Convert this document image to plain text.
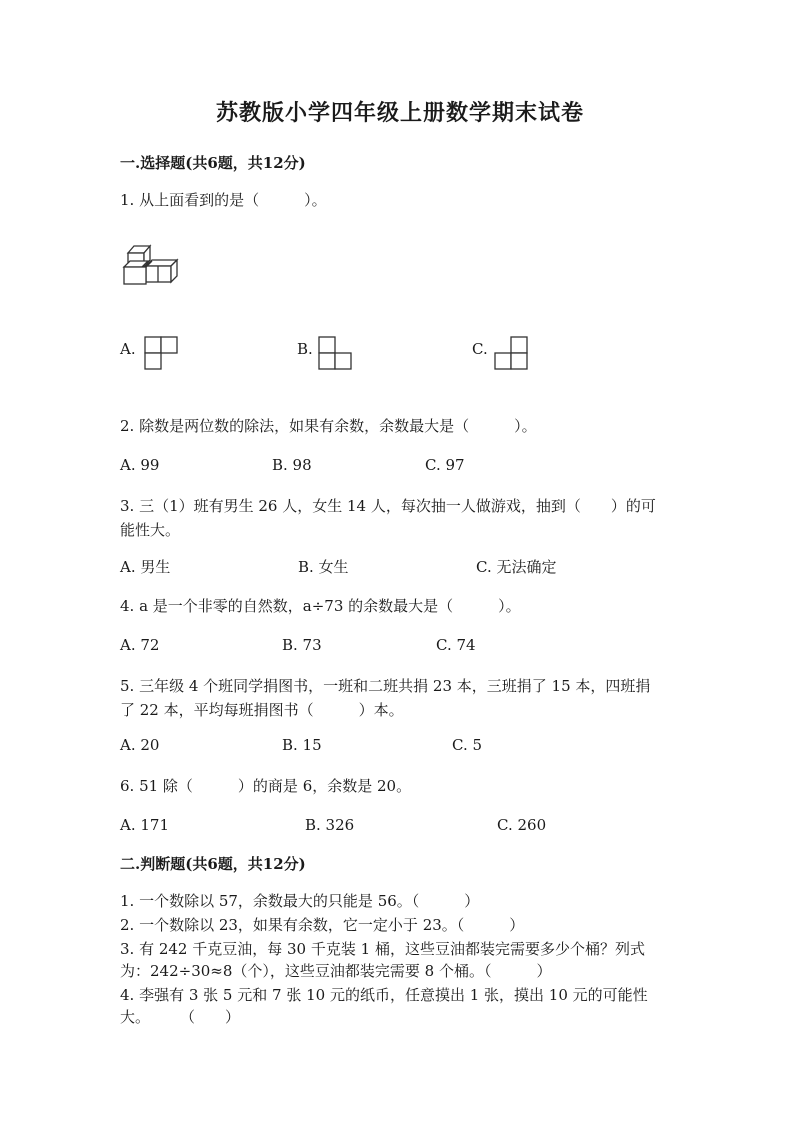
苏教版小学四年级上册数学期末试卷
一.选择题(共6题，共12分)
1. 从上面看到的是（　　　）。
A.	B.	C.
2. 除数是两位数的除法，如果有余数，余数最大是（　　　）。
A. 99	B. 98	C. 97
3. 三（1）班有男生 26 人，女生 14 人，每次抽一人做游戏，抽到（　　）的可
能性大。
A. 男生	B. 女生	C. 无法确定
4. a 是一个非零的自然数，a÷73 的余数最大是（　　　）。
A. 72	B. 73	C. 74
5. 三年级 4 个班同学捐图书，一班和二班共捐 23 本，三班捐了 15 本，四班捐
了 22 本，平均每班捐图书（　　　）本。
A. 20	B. 15	C. 5
6. 51 除（　　　）的商是 6，余数是 20。
A. 171	B. 326	C. 260
二.判断题(共6题，共12分)
1. 一个数除以 57，余数最大的只能是 56。（　　　）
2. 一个数除以 23，如果有余数，它一定小于 23。（　　　）
3. 有 242 千克豆油，每 30 千克装 1 桶，这些豆油都装完需要多少个桶？列式
为：242÷30≈8（个），这些豆油都装完需要 8 个桶。（　　　）
4. 李强有 3 张 5 元和 7 张 10 元的纸币，任意摸出 1 张，摸出 10 元的可能性
大。　　　（　　）
